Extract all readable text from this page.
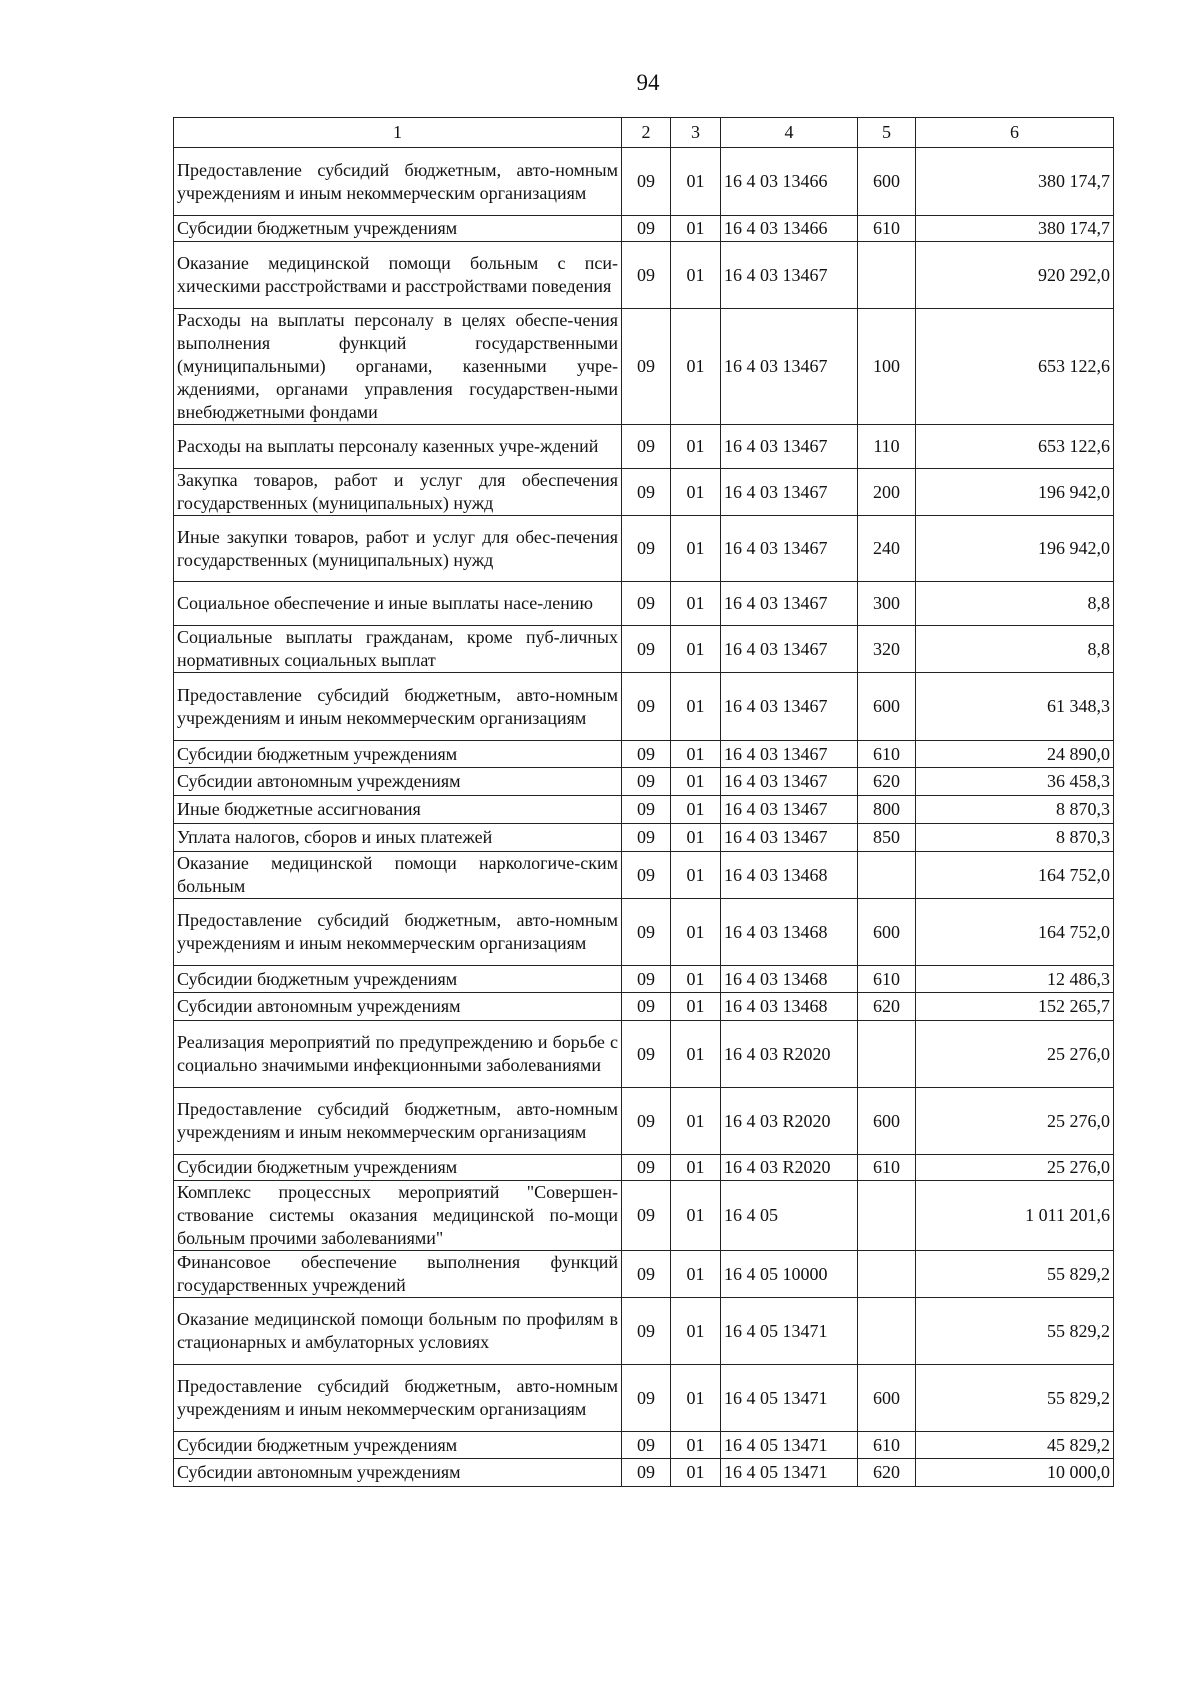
94
1	2	3	4	5	6
Предоставление субсидий бюджетным, авто-номным учреждениям и иным некоммерческим организациям	09	01	16 4 03 13466	600	380 174,7
Субсидии бюджетным учреждениям	09	01	16 4 03 13466	610	380 174,7
Оказание медицинской помощи больным с пси-хическими расстройствами и расстройствами поведения	09	01	16 4 03 13467		920 292,0
Расходы на выплаты персоналу в целях обеспе-чения выполнения функций государственными (муниципальными) органами, казенными учре-ждениями, органами управления государствен-ными внебюджетными фондами	09	01	16 4 03 13467	100	653 122,6
Расходы на выплаты персоналу казенных учре-ждений	09	01	16 4 03 13467	110	653 122,6
Закупка товаров, работ и услуг для обеспечения государственных (муниципальных) нужд	09	01	16 4 03 13467	200	196 942,0
Иные закупки товаров, работ и услуг для обес-печения государственных (муниципальных) нужд	09	01	16 4 03 13467	240	196 942,0
Социальное обеспечение и иные выплаты насе-лению	09	01	16 4 03 13467	300	8,8
Социальные выплаты гражданам, кроме пуб-личных нормативных социальных выплат	09	01	16 4 03 13467	320	8,8
Предоставление субсидий бюджетным, авто-номным учреждениям и иным некоммерческим организациям	09	01	16 4 03 13467	600	61 348,3
Субсидии бюджетным учреждениям	09	01	16 4 03 13467	610	24 890,0
Субсидии автономным учреждениям	09	01	16 4 03 13467	620	36 458,3
Иные бюджетные ассигнования	09	01	16 4 03 13467	800	8 870,3
Уплата налогов, сборов и иных платежей	09	01	16 4 03 13467	850	8 870,3
Оказание медицинской помощи наркологиче-ским больным	09	01	16 4 03 13468		164 752,0
Предоставление субсидий бюджетным, авто-номным учреждениям и иным некоммерческим организациям	09	01	16 4 03 13468	600	164 752,0
Субсидии бюджетным учреждениям	09	01	16 4 03 13468	610	12 486,3
Субсидии автономным учреждениям	09	01	16 4 03 13468	620	152 265,7
Реализация мероприятий по предупреждению и борьбе с социально значимыми инфекционными заболеваниями	09	01	16 4 03 R2020		25 276,0
Предоставление субсидий бюджетным, авто-номным учреждениям и иным некоммерческим организациям	09	01	16 4 03 R2020	600	25 276,0
Субсидии бюджетным учреждениям	09	01	16 4 03 R2020	610	25 276,0
Комплекс процессных мероприятий "Совершен-ствование системы оказания медицинской по-мощи больным прочими заболеваниями"	09	01	16 4 05		1 011 201,6
Финансовое обеспечение выполнения функций государственных учреждений	09	01	16 4 05 10000		55 829,2
Оказание медицинской помощи больным по профилям в стационарных и амбулаторных условиях	09	01	16 4 05 13471		55 829,2
Предоставление субсидий бюджетным, авто-номным учреждениям и иным некоммерческим организациям	09	01	16 4 05 13471	600	55 829,2
Субсидии бюджетным учреждениям	09	01	16 4 05 13471	610	45 829,2
Субсидии автономным учреждениям	09	01	16 4 05 13471	620	10 000,0
